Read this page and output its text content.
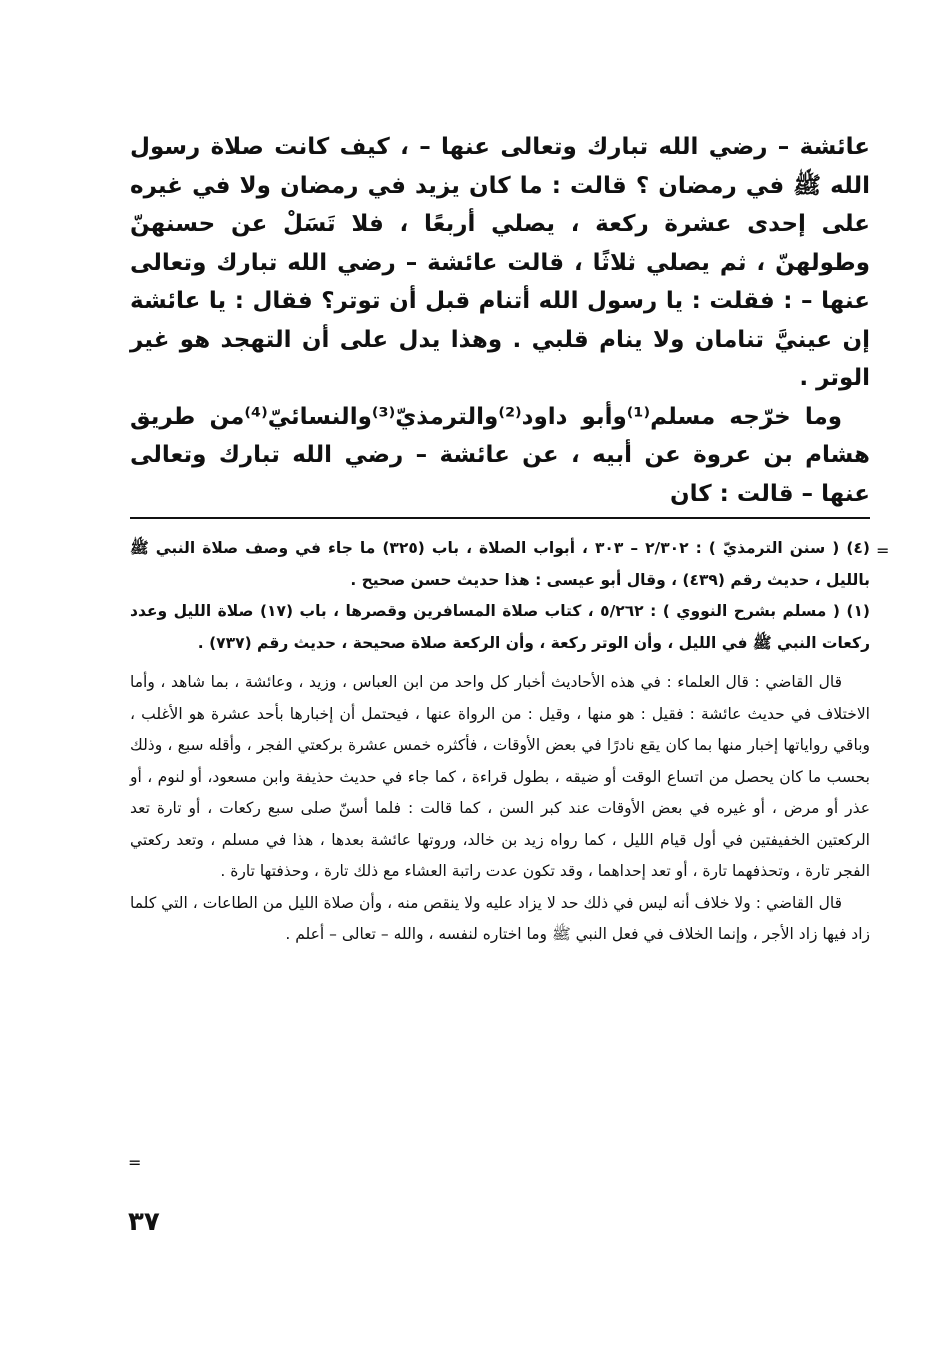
عائشة – رضي الله تبارك وتعالى عنها – ، كيف كانت صلاة رسول الله ﷺ في رمضان ؟ قالت : ما كان يزيد في رمضان ولا في غيره على إحدى عشرة ركعة ، يصلي أربعًا ، فلا تَسَلْ عن حسنهنّ وطولهنّ ، ثم يصلي ثلاثًا ، قالت عائشة – رضي الله تبارك وتعالى عنها – : فقلت : يا رسول الله أتنام قبل أن توتر؟ فقال : يا عائشة إن عينيَّ تنامان ولا ينام قلبي . وهذا يدل على أن التهجد هو غير الوتر .

وما خرّجه مسلم⁽¹⁾وأبو داود⁽²⁾والترمذيّ⁽³⁾والنسائيّ⁽⁴⁾من طريق هشام بن عروة عن أبيه ، عن عائشة – رضي الله تبارك وتعالى عنها – قالت : كان

=

(٤) ( سنن الترمذيّ ) : ٢/٣٠٢ – ٣٠٣ ، أبواب الصلاة ، باب (٣٢٥) ما جاء في وصف صلاة النبي ﷺ بالليل ، حديث رقم (٤٣٩) ، وقال أبو عيسى : هذا حديث حسن صحيح .

(١) ( مسلم بشرح النووي ) : ٥/٢٦٢ ، كتاب صلاة المسافرين وقصرها ، باب (١٧) صلاة الليل وعدد ركعات النبي ﷺ في الليل ، وأن الوتر ركعة ، وأن الركعة صلاة صحيحة ، حديث رقم (٧٣٧) .

قال القاضي : قال العلماء : في هذه الأحاديث أخبار كل واحد من ابن العباس ، وزيد ، وعائشة ، بما شاهد ، وأما الاختلاف في حديث عائشة : فقيل : هو منها ، وقيل : من الرواة عنها ، فيحتمل أن إخبارها بأحد عشرة هو الأغلب ، وباقي رواياتها إخبار منها بما كان يقع نادرًا في بعض الأوقات ، فأكثره خمس عشرة بركعتي الفجر ، وأقله سبع ، وذلك بحسب ما كان يحصل من اتساع الوقت أو ضيقه ، بطول قراءة ، كما جاء في حديث حذيفة وابن مسعود، أو لنوم ، أو عذر أو مرض ، أو غيره في بعض الأوقات عند كبر السن ، كما قالت : فلما أسنّ صلى سبع ركعات ، أو تارة تعد الركعتين الخفيفتين في أول قيام الليل ، كما رواه زيد بن خالد، وروتها عائشة بعدها ، هذا في مسلم ، وتعد ركعتي الفجر تارة ، وتحذفهما تارة ، أو تعد إحداهما ، وقد تكون عدت راتبة العشاء مع ذلك تارة ، وحذفتها تارة .

قال القاضي : ولا خلاف أنه ليس في ذلك حد لا يزاد عليه ولا ينقص منه ، وأن صلاة الليل من الطاعات ، التي كلما زاد فيها زاد الأجر ، وإنما الخلاف في فعل النبي ﷺ وما اختاره لنفسه ، والله – تعالى – أعلم .

=
٣٧
